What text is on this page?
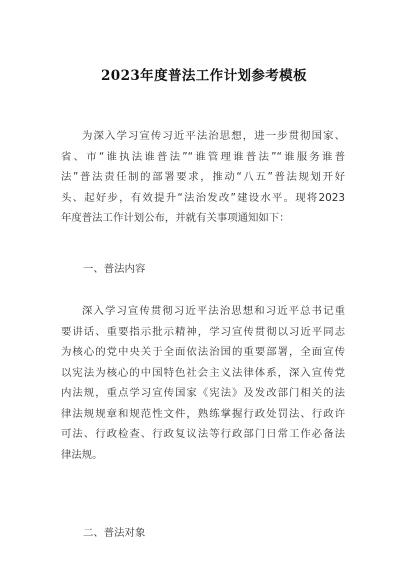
2023年度普法工作计划参考模板
为深入学习宣传习近平法治思想，进一步贯彻国家、
省、市“谁执法谁普法”“谁管理谁普法”“谁服务谁普
法”普法责任制的部署要求，推动“八五”普法规划开好
头、起好步，有效提升“法治发改”建设水平。现将2023
年度普法工作计划公布，并就有关事项通知如下：
一、普法内容
深入学习宣传贯彻习近平法治思想和习近平总书记重
要讲话、重要指示批示精神，学习宣传贯彻以习近平同志
为核心的党中央关于全面依法治国的重要部署，全面宣传
以宪法为核心的中国特色社会主义法律体系，深入宣传党
内法规，重点学习宣传国家《宪法》及发改部门相关的法
律法规规章和规范性文件，熟练掌握行政处罚法、行政许
可法、行政检查、行政复议法等行政部门日常工作必备法
律法规。
二、普法对象
